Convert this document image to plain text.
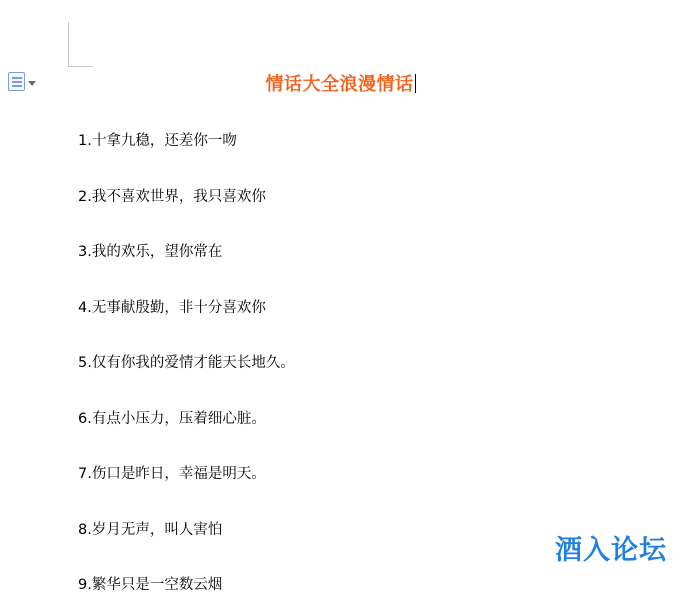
情话大全浪漫情话
1.十拿九稳，还差你一吻
2.我不喜欢世界，我只喜欢你
3.我的欢乐，望你常在
4.无事献殷勤，非十分喜欢你
5.仅有你我的爱情才能天长地久。
6.有点小压力，压着细心脏。
7.伤口是昨日，幸福是明天。
8.岁月无声，叫人害怕
9.繁华只是一空数云烟
酒入论坛
